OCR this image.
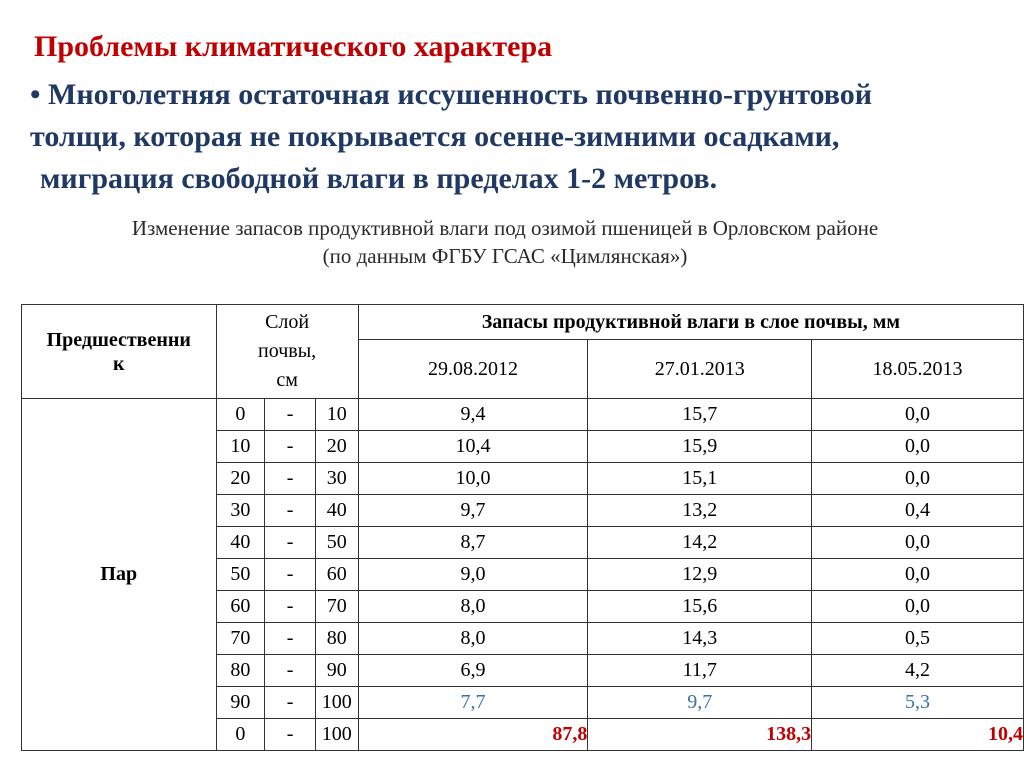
Проблемы климатического характера
• Многолетняя остаточная иссушенность почвенно-грунтовой
толщи, которая не покрывается осенне-зимними осадками,
миграция свободной влаги в пределах 1-2 метров.
Изменение запасов продуктивной влаги под озимой пшеницей в Орловском районе
(по данным ФГБУ ГСАС «Цимлянская»)
Предшественни
к	Слой
почвы,
см			Запасы продуктивной влаги в слое почвы, мм		
				29.08.2012	27.01.2013	18.05.2013
Пар	0	-	10	9,4	15,7	0,0
	10	-	20	10,4	15,9	0,0
	20	-	30	10,0	15,1	0,0
	30	-	40	9,7	13,2	0,4
	40	-	50	8,7	14,2	0,0
	50	-	60	9,0	12,9	0,0
	60	-	70	8,0	15,6	0,0
	70	-	80	8,0	14,3	0,5
	80	-	90	6,9	11,7	4,2
	90	-	100	7,7	9,7	5,3
	0	-	100	87,8	138,3	10,4
